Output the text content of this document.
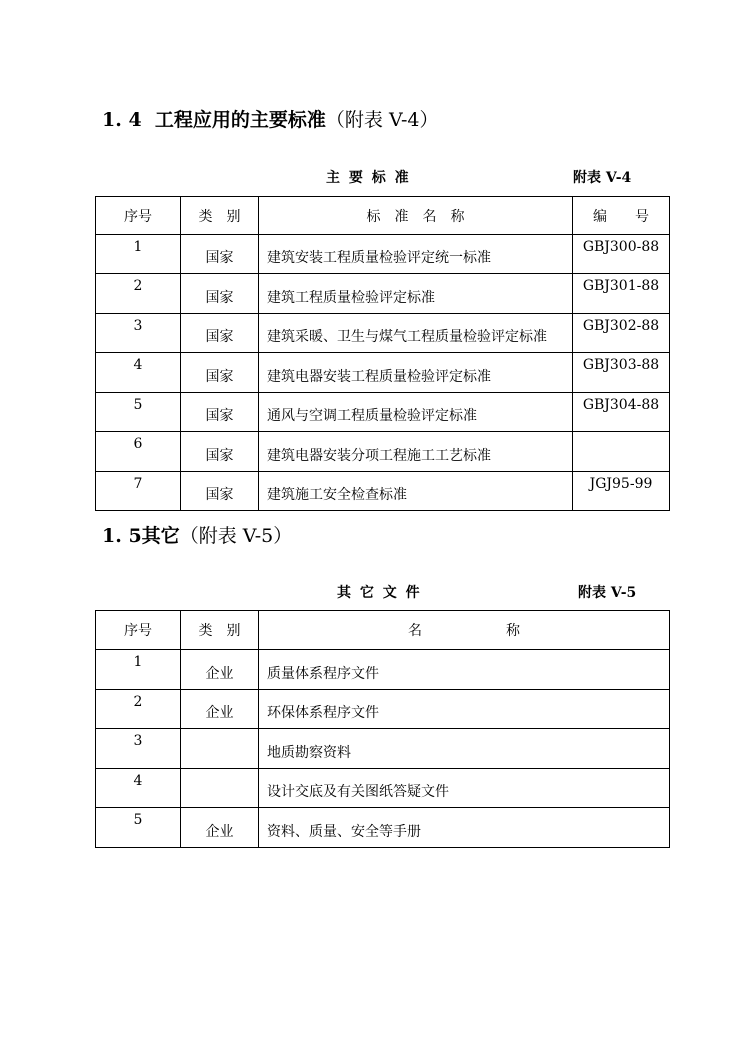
1. 4 工程应用的主要标准（附表 V-4）
主 要 标 准	附表 V-4
序号	类　别	标　准　名　称	编　　号
1	国家	建筑安装工程质量检验评定统一标准	GBJ300-88
2	国家	建筑工程质量检验评定标准	GBJ301-88
3	国家	建筑采暖、卫生与煤气工程质量检验评定标准	GBJ302-88
4	国家	建筑电器安装工程质量检验评定标准	GBJ303-88
5	国家	通风与空调工程质量检验评定标准	GBJ304-88
6	国家	建筑电器安装分项工程施工工艺标准	
7	国家	建筑施工安全检查标准	JGJ95-99
1. 5其它（附表 V-5）
其 它 文 件	附表 V-5
序号	类　别	名　　　　　　称
1	企业	质量体系程序文件
2	企业	环保体系程序文件
3		地质勘察资料
4		设计交底及有关图纸答疑文件
5	企业	资料、质量、安全等手册
